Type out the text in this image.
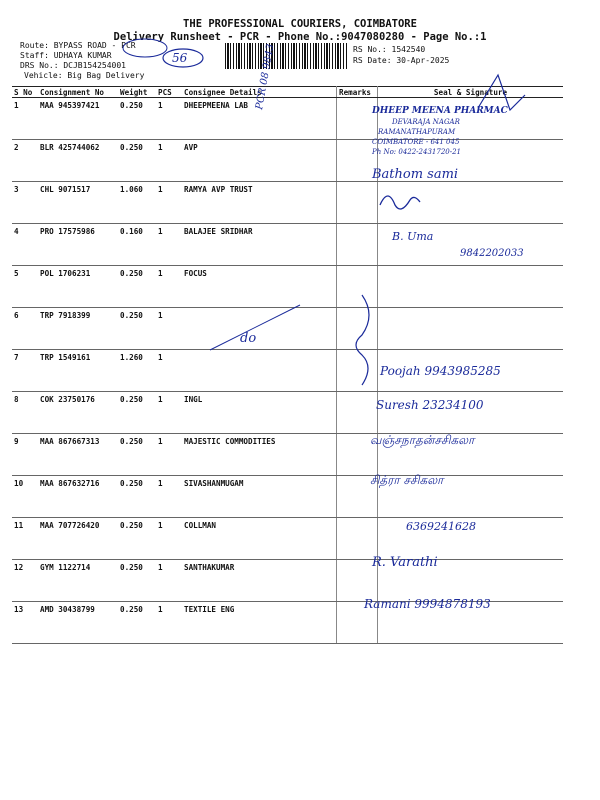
THE PROFESSIONAL COURIERS, COIMBATORE
Delivery Runsheet - PCR - Phone No.:9047080280 - Page No.:1
Route: BYPASS ROAD - PCR
Staff: UDHAYA KUMAR
DRS No.: DCJB154254001
Vehicle: Big Bag Delivery
RS No.: 1542540
RS Date: 30-Apr-2025
S No	Consignment No	Weight	PCS	Consignee Details	Remarks	Seal & Signature
1	MAA 945397421	0.250	1	DHEEPMEENA LAB		
2	BLR 425744062	0.250	1	AVP		
3	CHL 9071517	1.060	1	RAMYA AVP TRUST		
4	PRO 17575986	0.160	1	BALAJEE SRIDHAR		
5	POL 1706231	0.250	1	FOCUS		
6	TRP 7918399	0.250	1			
7	TRP 1549161	1.260	1			
8	COK 23750176	0.250	1	INGL		
9	MAA 867667313	0.250	1	MAJESTIC COMMODITIES		
10	MAA 867632716	0.250	1	SIVASHANMUGAM		
11	MAA 707726420	0.250	1	COLLMAN		
12	GYM 1122714	0.250	1	SANTHAKUMAR		
13	AMD 30438799	0.250	1	TEXTILE ENG		
56	PCR 08 9843
DHEEP MEENA PHARMAC
DEVARAJA NAGAR
RAMANATHAPURAM
COIMBATORE - 641 045
Ph No: 0422-2431720-21
Bathom sami
B. Uma
9842202033
do
Poojah 9943985285
Suresh 23234100
வஞ்சநாதன்சசிகலா
சித்ரா சசிகலா
6369241628
R. Varathi
Ramani 9994878193
